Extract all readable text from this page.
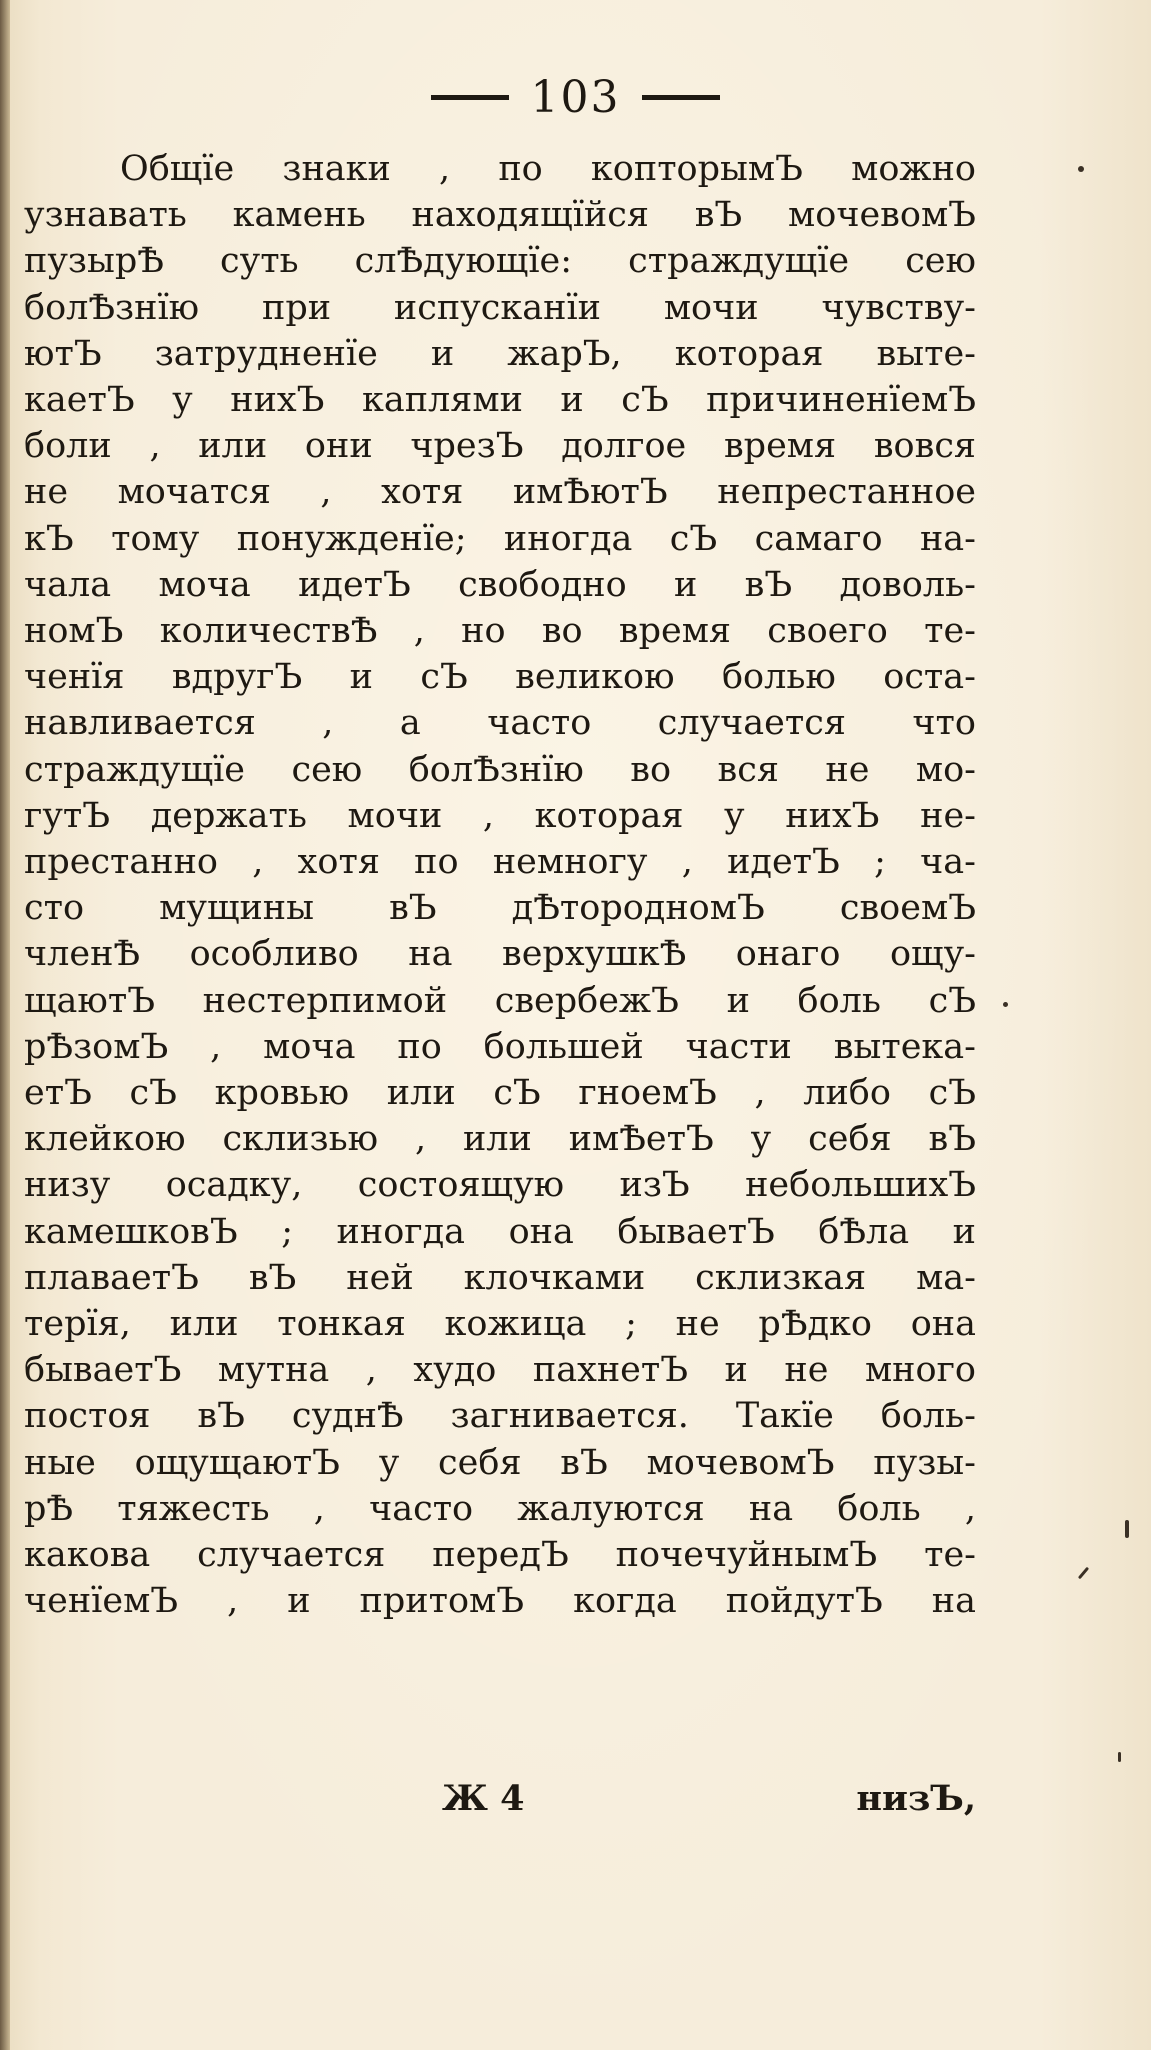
103
Общïе знаки , по копторымЪ можно
узнавать камень находящïйся вЪ мочевомЪ
пузырѢ суть слѢдующïе: страждущïе сею
болѢзнïю при испусканïи мочи чувству-
ютЪ затрудненïе и жарЪ, которая выте-
каетЪ у нихЪ каплями и сЪ причиненïемЪ
боли , или они чрезЪ долгое время вовся
не мочатся , хотя имѢютЪ непрестанное
кЪ тому понужденïе; иногда сЪ самаго на-
чала моча идетЪ свободно и вЪ доволь-
номЪ количествѢ , но во время своего те-
ченïя вдругЪ и сЪ великою болью оста-
навливается , а часто случается что
страждущïе сею болѢзнïю во вся не мо-
гутЪ держать мочи , которая у нихЪ не-
престанно , хотя по немногу , идетЪ ; ча-
сто мущины вЪ дѢтородномЪ своемЪ
членѢ особливо на верхушкѢ онаго ощу-
щаютЪ нестерпимой свербежЪ и боль сЪ
рѢзомЪ , моча по большей части вытека-
етЪ сЪ кровью или сЪ гноемЪ , либо сЪ
клейкою склизью , или имѢетЪ у себя вЪ
низу осадку, состоящую изЪ небольшихЪ
камешковЪ ; иногда она бываетЪ бѢла и
плаваетЪ вЪ ней клочками склизкая ма-
терïя, или тонкая кожица ; не рѢдко она
бываетЪ мутна , худо пахнетЪ и не много
постоя вЪ суднѢ загнивается. Такïе боль-
ные ощущаютЪ у себя вЪ мочевомЪ пузы-
рѢ тяжесть , часто жалуются на боль ,
какова случается передЪ почечуйнымЪ те-
ченïемЪ , и притомЪ когда пойдутЪ на
Ж 4	низЪ,
